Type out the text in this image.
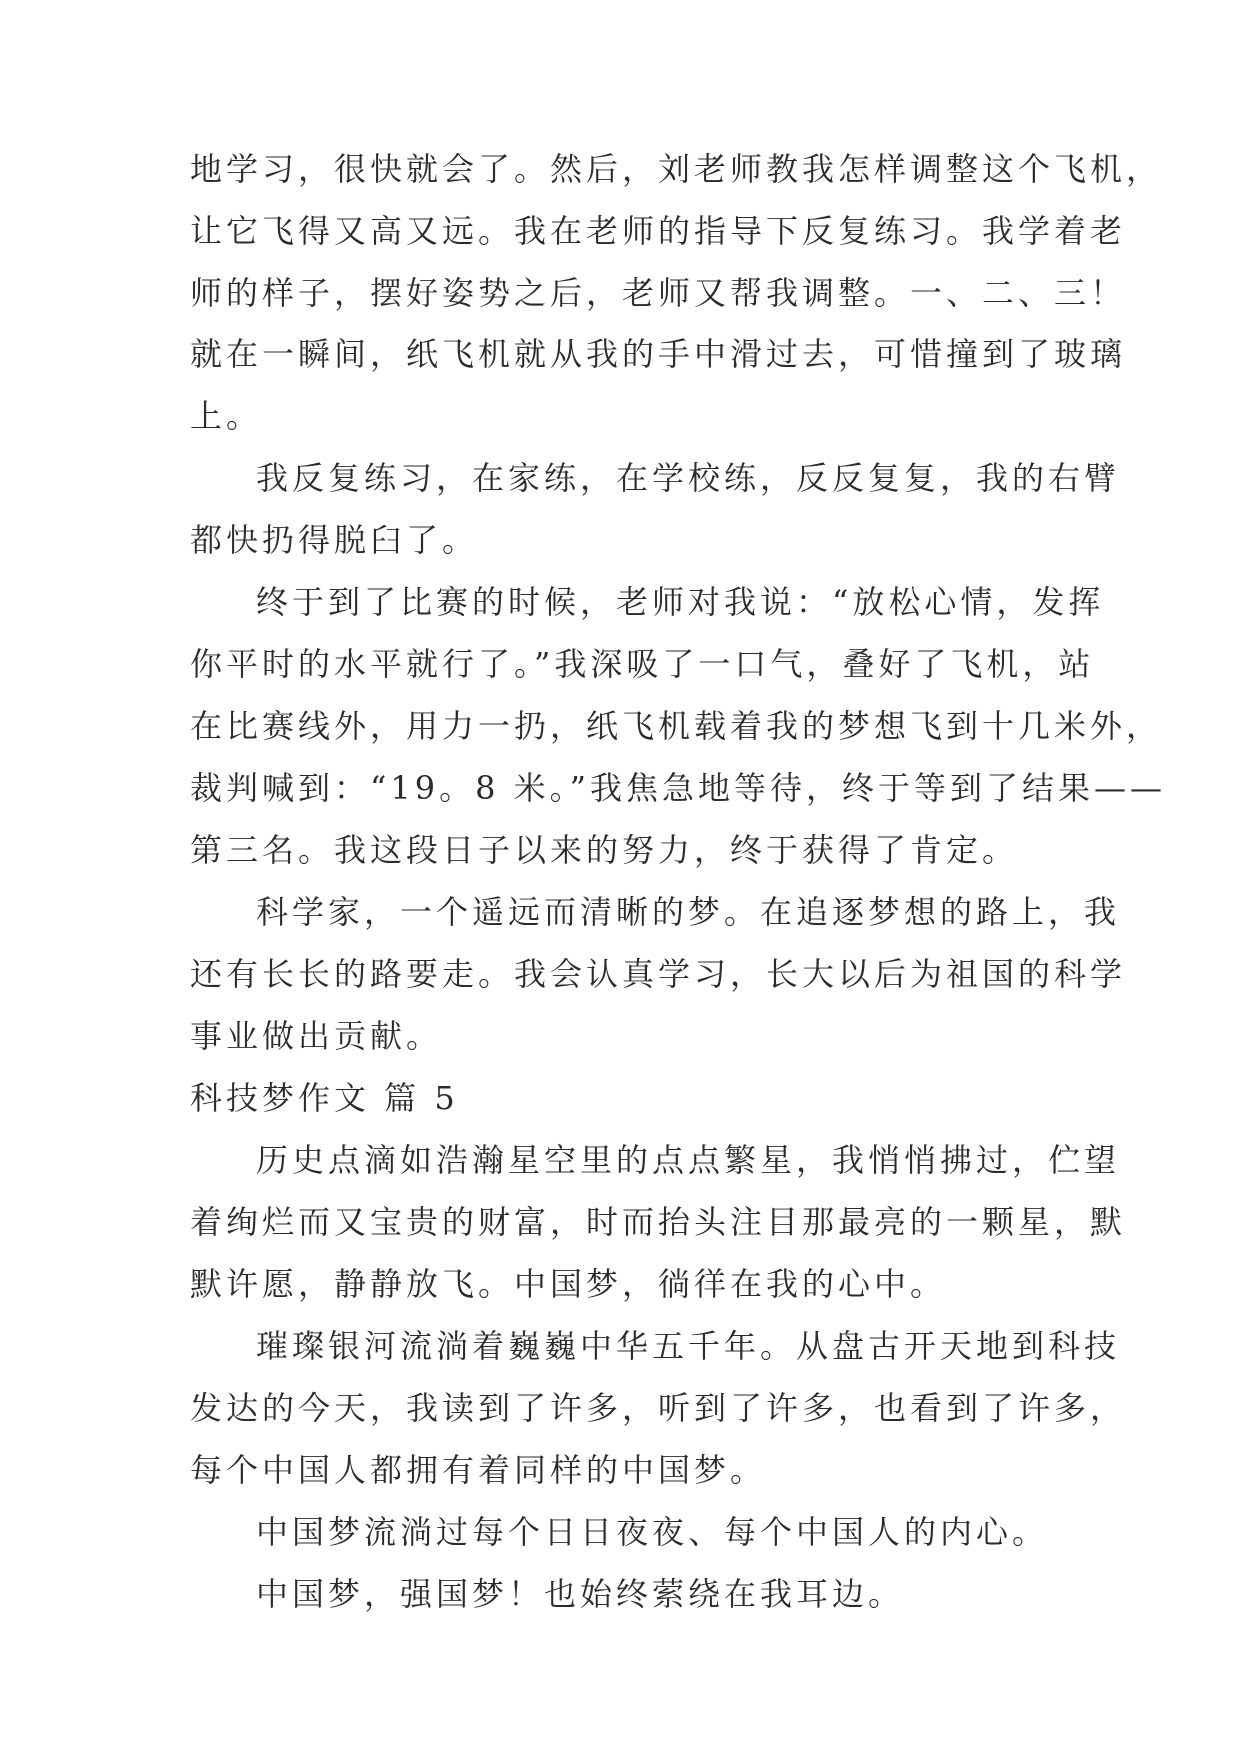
地学习，很快就会了。然后，刘老师教我怎样调整这个飞机，
让它飞得又高又远。我在老师的指导下反复练习。我学着老
师的样子，摆好姿势之后，老师又帮我调整。一、二、三！
就在一瞬间，纸飞机就从我的手中滑过去，可惜撞到了玻璃
上。
我反复练习，在家练，在学校练，反反复复，我的右臂
都快扔得脱臼了。
终于到了比赛的时候，老师对我说：“放松心情，发挥
你平时的水平就行了。”我深吸了一口气，叠好了飞机，站
在比赛线外，用力一扔，纸飞机载着我的梦想飞到十几米外，
裁判喊到：“19。8 米。”我焦急地等待，终于等到了结果——
第三名。我这段日子以来的努力，终于获得了肯定。
科学家，一个遥远而清晰的梦。在追逐梦想的路上，我
还有长长的路要走。我会认真学习，长大以后为祖国的科学
事业做出贡献。
科技梦作文 篇 5
历史点滴如浩瀚星空里的点点繁星，我悄悄拂过，伫望
着绚烂而又宝贵的财富，时而抬头注目那最亮的一颗星，默
默许愿，静静放飞。中国梦，徜徉在我的心中。
璀璨银河流淌着巍巍中华五千年。从盘古开天地到科技
发达的今天，我读到了许多，听到了许多，也看到了许多，
每个中国人都拥有着同样的中国梦。
中国梦流淌过每个日日夜夜、每个中国人的内心。
中国梦，强国梦！也始终萦绕在我耳边。
